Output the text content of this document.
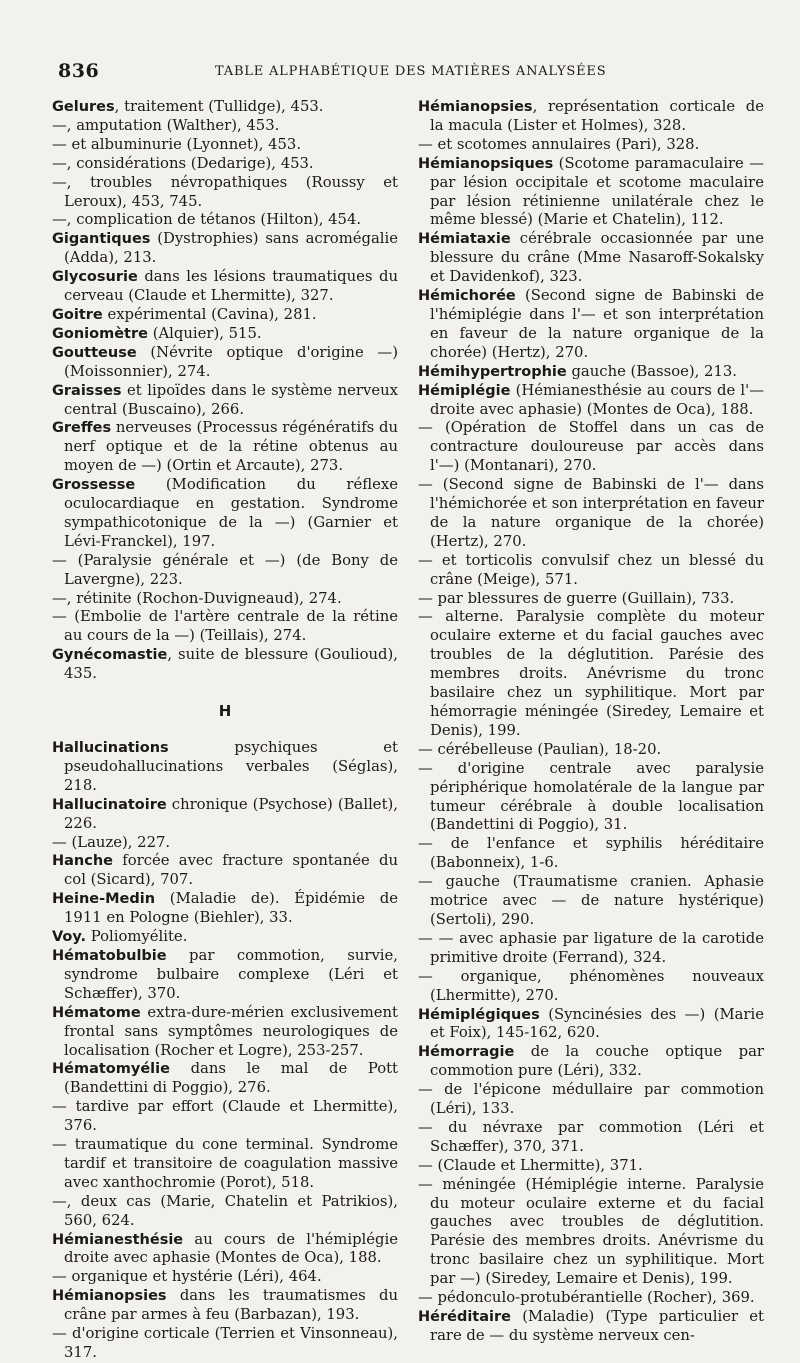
836	TABLE ALPHABÉTIQUE DES MATIÈRES ANALYSÉES
Gelures, traitement (Tullidge), 453.
—, amputation (Walther), 453.
— et albuminurie (Lyonnet), 453.
—, considérations (Dedarige), 453.
—, troubles névropathiques (Roussy et Leroux), 453, 745.
—, complication de tétanos (Hilton), 454.
Gigantiques (Dystrophies) sans acromégalie (Adda), 213.
Glycosurie dans les lésions traumatiques du cerveau (Claude et Lhermitte), 327.
Goitre expérimental (Cavina), 281.
Goniomètre (Alquier), 515.
Goutteuse (Névrite optique d'origine —) (Moissonnier), 274.
Graisses et lipoïdes dans le système nerveux central (Buscaino), 266.
Greffes nerveuses (Processus régénératifs du nerf optique et de la rétine obtenus au moyen de —) (Ortin et Arcaute), 273.
Grossesse (Modification du réflexe oculocardiaque en gestation. Syndrome sympathicotonique de la —) (Garnier et Lévi-Franckel), 197.
— (Paralysie générale et —) (de Bony de Lavergne), 223.
—, rétinite (Rochon-Duvigneaud), 274.
— (Embolie de l'artère centrale de la rétine au cours de la —) (Teillais), 274.
Gynécomastie, suite de blessure (Goulioud), 435.
H
Hallucinations psychiques et pseudohallucinations verbales (Séglas), 218.
Hallucinatoire chronique (Psychose) (Ballet), 226.
— (Lauze), 227.
Hanche forcée avec fracture spontanée du col (Sicard), 707.
Heine-Medin (Maladie de). Épidémie de 1911 en Pologne (Biehler), 33.
Voy. Poliomyélite.
Hématobulbie par commotion, survie, syndrome bulbaire complexe (Léri et Schæffer), 370.
Hématome extra-dure-mérien exclusivement frontal sans symptômes neurologiques de localisation (Rocher et Logre), 253-257.
Hématomyélie dans le mal de Pott (Bandettini di Poggio), 276.
— tardive par effort (Claude et Lhermitte), 376.
— traumatique du cone terminal. Syndrome tardif et transitoire de coagulation massive avec xanthochromie (Porot), 518.
—, deux cas (Marie, Chatelin et Patrikios), 560, 624.
Hémianesthésie au cours de l'hémiplégie droite avec aphasie (Montes de Oca), 188.
— organique et hystérie (Léri), 464.
Hémianopsies dans les traumatismes du crâne par armes à feu (Barbazan), 193.
— d'origine corticale (Terrien et Vinsonneau), 317.
Hémianopsies, représentation corticale de la macula (Lister et Holmes), 328.
— et scotomes annulaires (Pari), 328.
Hémianopsiques (Scotome paramaculaire — par lésion occipitale et scotome maculaire par lésion rétinienne unilatérale chez le même blessé) (Marie et Chatelin), 112.
Hémiataxie cérébrale occasionnée par une blessure du crâne (Mme Nasaroff-Sokalsky et Davidenkof), 323.
Hémichorée (Second signe de Babinski de l'hémiplégie dans l'— et son interprétation en faveur de la nature organique de la chorée) (Hertz), 270.
Hémihypertrophie gauche (Bassoe), 213.
Hémiplégie (Hémianesthésie au cours de l'— droite avec aphasie) (Montes de Oca), 188.
— (Opération de Stoffel dans un cas de contracture douloureuse par accès dans l'—) (Montanari), 270.
— (Second signe de Babinski de l'— dans l'hémichorée et son interprétation en faveur de la nature organique de la chorée) (Hertz), 270.
— et torticolis convulsif chez un blessé du crâne (Meige), 571.
— par blessures de guerre (Guillain), 733.
— alterne. Paralysie complète du moteur oculaire externe et du facial gauches avec troubles de la déglutition. Parésie des membres droits. Anévrisme du tronc basilaire chez un syphilitique. Mort par hémorragie méningée (Siredey, Lemaire et Denis), 199.
— cérébelleuse (Paulian), 18-20.
— d'origine centrale avec paralysie périphérique homolatérale de la langue par tumeur cérébrale à double localisation (Bandettini di Poggio), 31.
— de l'enfance et syphilis héréditaire (Babonneix), 1-6.
— gauche (Traumatisme cranien. Aphasie motrice avec — de nature hystérique) (Sertoli), 290.
— — avec aphasie par ligature de la carotide primitive droite (Ferrand), 324.
— organique, phénomènes nouveaux (Lhermitte), 270.
Hémiplégiques (Syncinésies des —) (Marie et Foix), 145-162, 620.
Hémorragie de la couche optique par commotion pure (Léri), 332.
— de l'épicone médullaire par commotion (Léri), 133.
— du névraxe par commotion (Léri et Schæffer), 370, 371.
— (Claude et Lhermitte), 371.
— méningée (Hémiplégie interne. Paralysie du moteur oculaire externe et du facial gauches avec troubles de déglutition. Parésie des membres droits. Anévrisme du tronc basilaire chez un syphilitique. Mort par —) (Siredey, Lemaire et Denis), 199.
— pédonculo-protubérantielle (Rocher), 369.
Héréditaire (Maladie) (Type particulier et rare de — du système nerveux cen-
